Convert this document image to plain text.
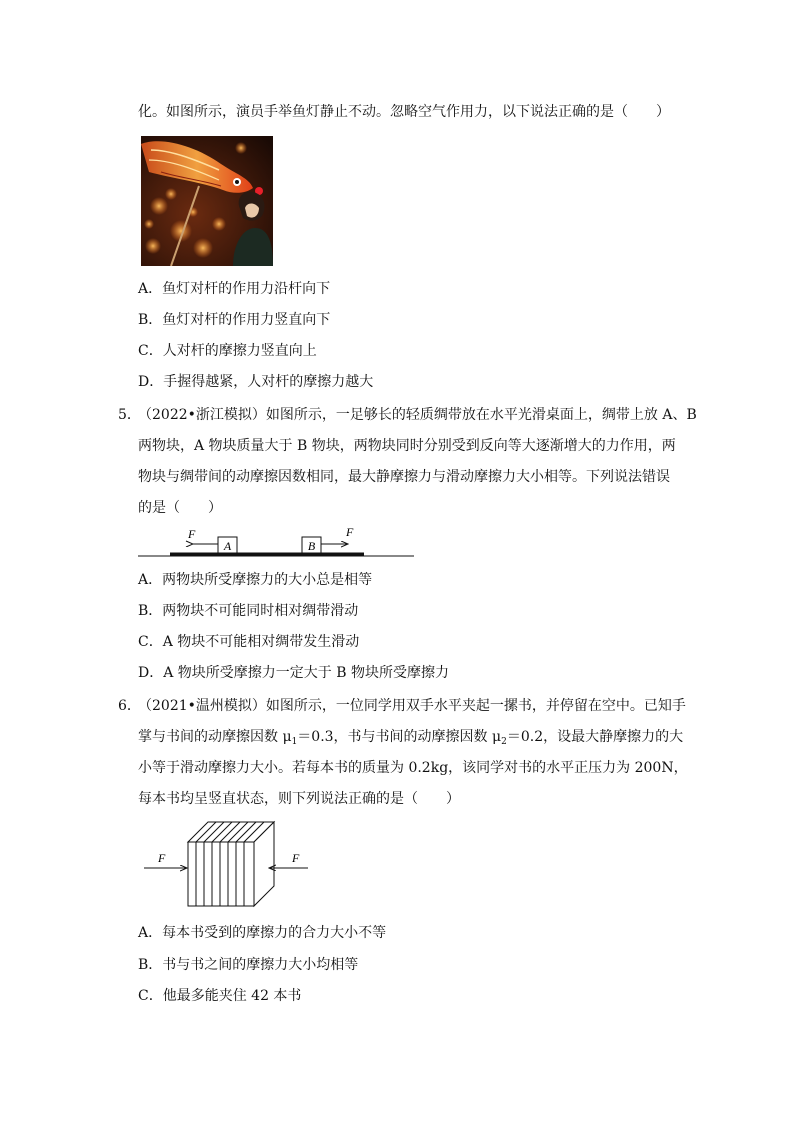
化。如图所示，演员手举鱼灯静止不动。忽略空气作用力，以下说法正确的是（　　）
A．鱼灯对杆的作用力沿杆向下
B．鱼灯对杆的作用力竖直向下
C．人对杆的摩擦力竖直向上
D．手握得越紧，人对杆的摩擦力越大
5．
（2022•浙江模拟）如图所示，一足够长的轻质绸带放在水平光滑桌面上，绸带上放 A、B
两物块，A 物块质量大于 B 物块，两物块同时分别受到反向等大逐渐增大的力作用，两
物块与绸带间的动摩擦因数相同，最大静摩擦力与滑动摩擦力大小相等。下列说法错误
的是（　　）
A	B
F	F
A．两物块所受摩擦力的大小总是相等
B．两物块不可能同时相对绸带滑动
C．A 物块不可能相对绸带发生滑动
D．A 物块所受摩擦力一定大于 B 物块所受摩擦力
6．
（2021•温州模拟）如图所示，一位同学用双手水平夹起一摞书，并停留在空中。已知手
掌与书间的动摩擦因数 $\mu_1=0.3$，书与书间的动摩擦因数 $\mu_2=0.2$，设最大静摩擦力的大
小等于滑动摩擦力大小。若每本书的质量为 0.2kg，该同学对书的水平正压力为 200N，
每本书均呈竖直状态，则下列说法正确的是（　　）
F	F
A．每本书受到的摩擦力的合力大小不等
B．书与书之间的摩擦力大小均相等
C．他最多能夹住 42 本书
